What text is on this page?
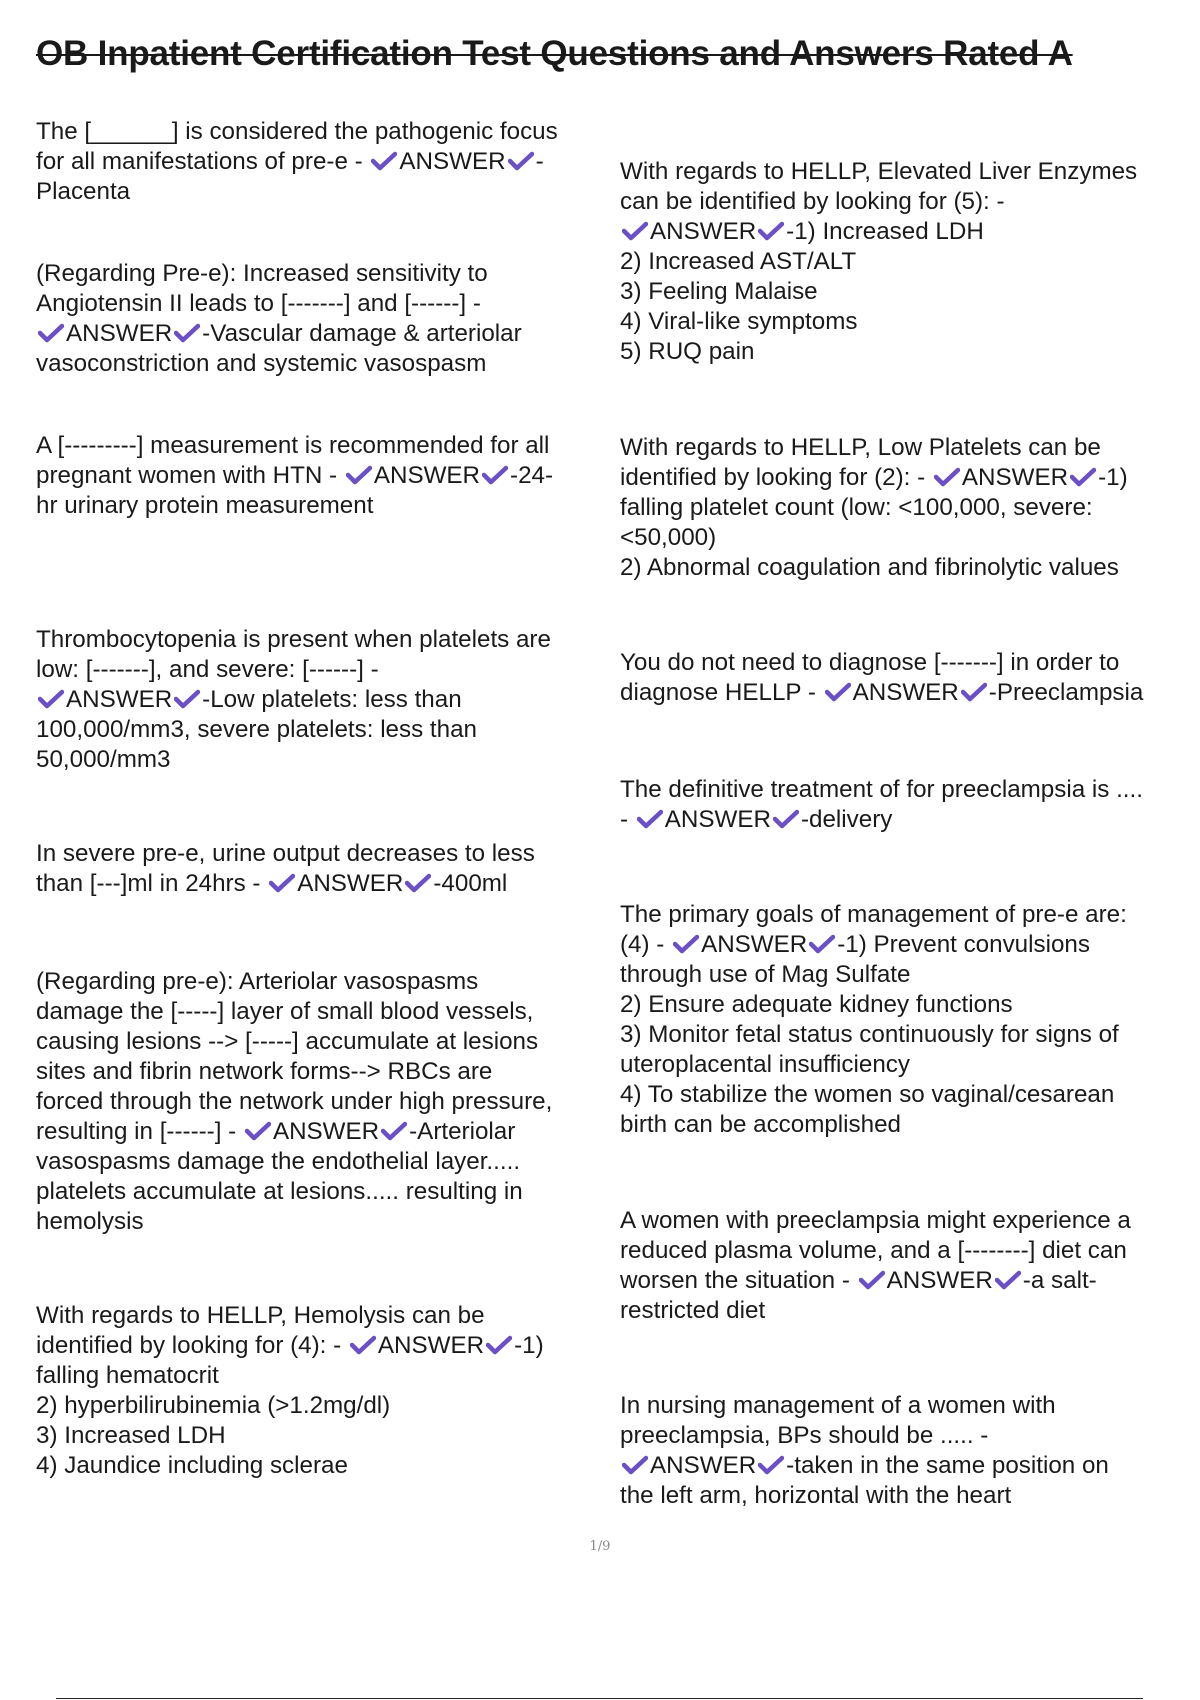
OB Inpatient Certification Test Questions and Answers Rated A
The [______] is considered the pathogenic focus
for all manifestations of pre-e -
ANSWER -
Placenta
(Regarding Pre-e): Increased sensitivity to
Angiotensin II leads to [-------] and [------] -
ANSWER -Vascular damage & arteriolar
vasoconstriction and systemic vasospasm
A [---------] measurement is recommended for all
pregnant women with HTN -
ANSWER -24-
hr urinary protein measurement
Thrombocytopenia is present when platelets are
low: [-------], and severe: [------] -
ANSWER -Low platelets: less than
100,000/mm3, severe platelets: less than
50,000/mm3
In severe pre-e, urine output decreases to less
than [---]ml in 24hrs -
ANSWER -400ml
(Regarding pre-e): Arteriolar vasospasms
damage the [-----] layer of small blood vessels,
causing lesions --> [-----] accumulate at lesions
sites and fibrin network forms--> RBCs are
forced through the network under high pressure,
resulting in [------] -
ANSWER -Arteriolar
vasospasms damage the endothelial layer.....
platelets accumulate at lesions..... resulting in
hemolysis
With regards to HELLP, Hemolysis can be
identified by looking for (4): -
ANSWER -1)
falling hematocrit
2) hyperbilirubinemia (>1.2mg/dl)
3) Increased LDH
4) Jaundice including sclerae
With regards to HELLP, Elevated Liver Enzymes
can be identified by looking for (5): -
ANSWER -1) Increased LDH
2) Increased AST/ALT
3) Feeling Malaise
4) Viral-like symptoms
5) RUQ pain
With regards to HELLP, Low Platelets can be
identified by looking for (2): -
ANSWER -1)
falling platelet count (low: <100,000, severe:
<50,000)
2) Abnormal coagulation and fibrinolytic values
You do not need to diagnose [-------] in order to
diagnose HELLP -
ANSWER -Preeclampsia
The definitive treatment of for preeclampsia is ....
-
ANSWER -delivery
The primary goals of management of pre-e are:
(4) -
ANSWER -1) Prevent convulsions
through use of Mag Sulfate
2) Ensure adequate kidney functions
3) Monitor fetal status continuously for signs of
uteroplacental insufficiency
4) To stabilize the women so vaginal/cesarean
birth can be accomplished
A women with preeclampsia might experience a
reduced plasma volume, and a [--------] diet can
worsen the situation -
ANSWER -a salt-
restricted diet
In nursing management of a women with
preeclampsia, BPs should be ..... -
ANSWER -taken in the same position on
the left arm, horizontal with the heart
1/9
